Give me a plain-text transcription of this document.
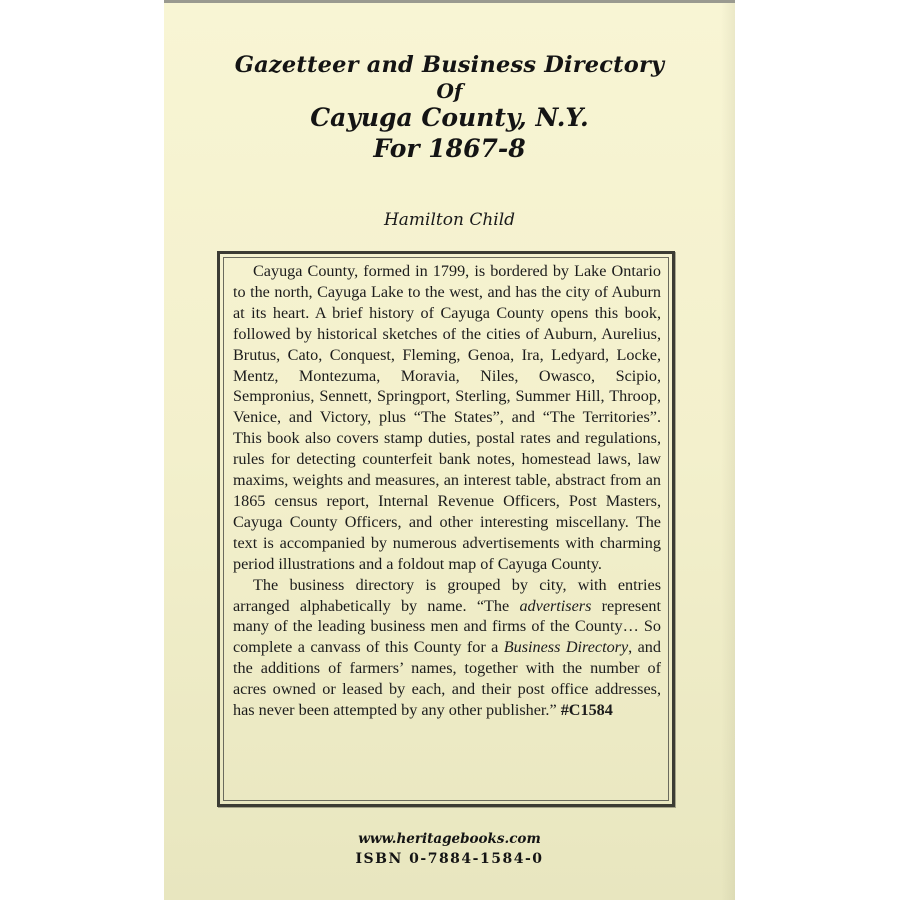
Gazetteer and Business Directory
Of
Cayuga County, N.Y.
For 1867-8
Hamilton Child

Cayuga County, formed in 1799, is bordered by Lake Ontario to the north, Cayuga Lake to the west, and has the city of Auburn at its heart. A brief history of Cayuga County opens this book, followed by historical sketches of the cities of Auburn, Aurelius, Brutus, Cato, Conquest, Fleming, Genoa, Ira, Ledyard, Locke, Mentz, Montezuma, Moravia, Niles, Owasco, Scipio, Sempronius, Sennett, Springport, Sterling, Summer Hill, Throop, Venice, and Victory, plus “The States”, and “The Territories”. This book also covers stamp duties, postal rates and regulations, rules for detecting counterfeit bank notes, homestead laws, law maxims, weights and measures, an interest table, abstract from an 1865 census report, Internal Revenue Officers, Post Masters, Cayuga County Officers, and other interesting miscellany. The text is accompanied by numerous advertisements with charming period illustrations and a foldout map of Cayuga County.

The business directory is grouped by city, with entries arranged alphabetically by name. “The advertisers represent many of the leading business men and firms of the County… So complete a canvass of this County for a Business Directory, and the additions of farmers’ names, together with the number of acres owned or leased by each, and their post office addresses, has never been attempted by any other publisher.” #C1584

www.heritagebooks.com
ISBN 0-7884-1584-0
